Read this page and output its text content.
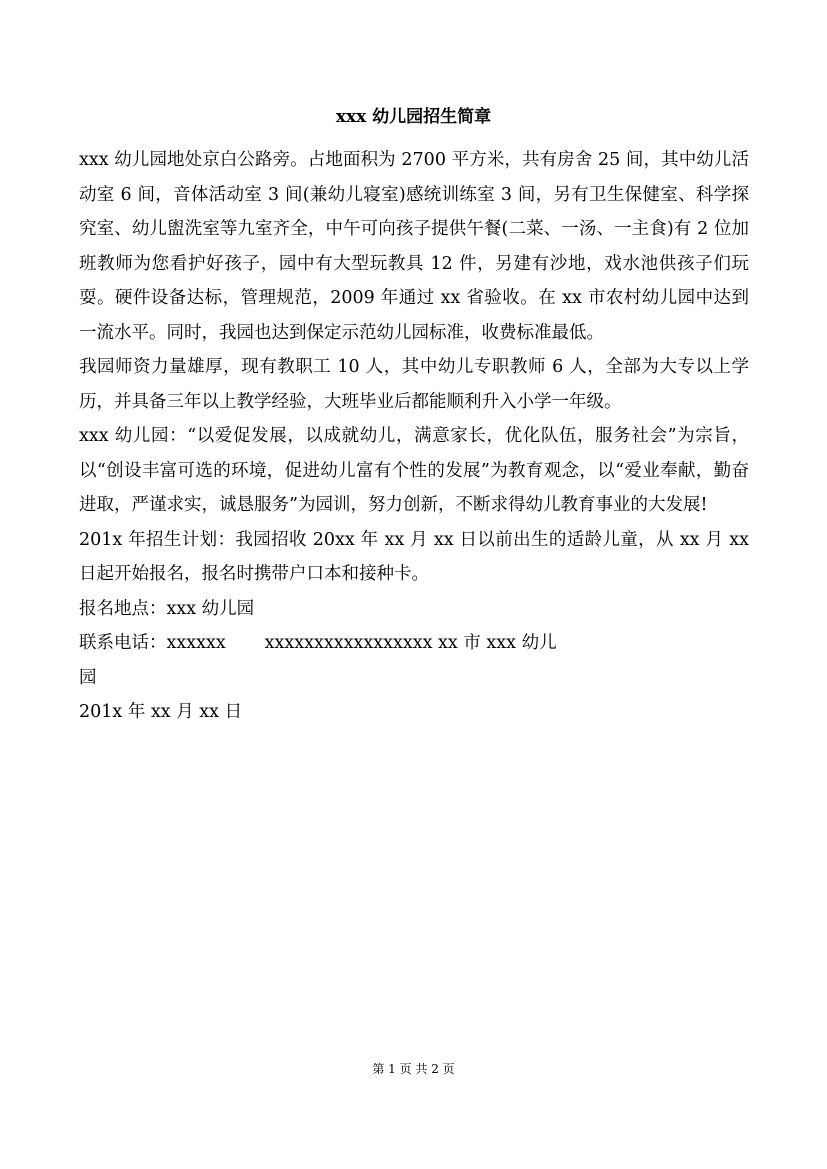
xxx 幼儿园招生简章

xxx 幼儿园地处京白公路旁。占地面积为 2700 平方米，共有房舍 25 间，其中幼儿活动室 6 间，音体活动室 3 间(兼幼儿寝室)感统训练室 3 间，另有卫生保健室、科学探究室、幼儿盥洗室等九室齐全，中午可向孩子提供午餐(二菜、一汤、一主食)有 2 位加班教师为您看护好孩子，园中有大型玩教具 12 件，另建有沙地，戏水池供孩子们玩耍。硬件设备达标，管理规范，2009 年通过 xx 省验收。在 xx 市农村幼儿园中达到一流水平。同时，我园也达到保定示范幼儿园标准，收费标准最低。

我园师资力量雄厚，现有教职工 10 人，其中幼儿专职教师 6 人，全部为大专以上学历，并具备三年以上教学经验，大班毕业后都能顺利升入小学一年级。

xxx 幼儿园：“以爱促发展，以成就幼儿，满意家长，优化队伍，服务社会”为宗旨，以“创设丰富可选的环境，促进幼儿富有个性的发展”为教育观念，以“爱业奉献，勤奋进取，严谨求实，诚恳服务”为园训，努力创新，不断求得幼儿教育事业的大发展!

201x 年招生计划：我园招收 20xx 年 xx 月 xx 日以前出生的适龄儿童，从 xx 月 xx 日起开始报名，报名时携带户口本和接种卡。

报名地点：xxx 幼儿园

联系电话：xxxxxx xxxxxxxxxxxxxxxxx xx 市 xxx 幼儿

园

201x 年 xx 月 xx 日

第 1 页 共 2 页
